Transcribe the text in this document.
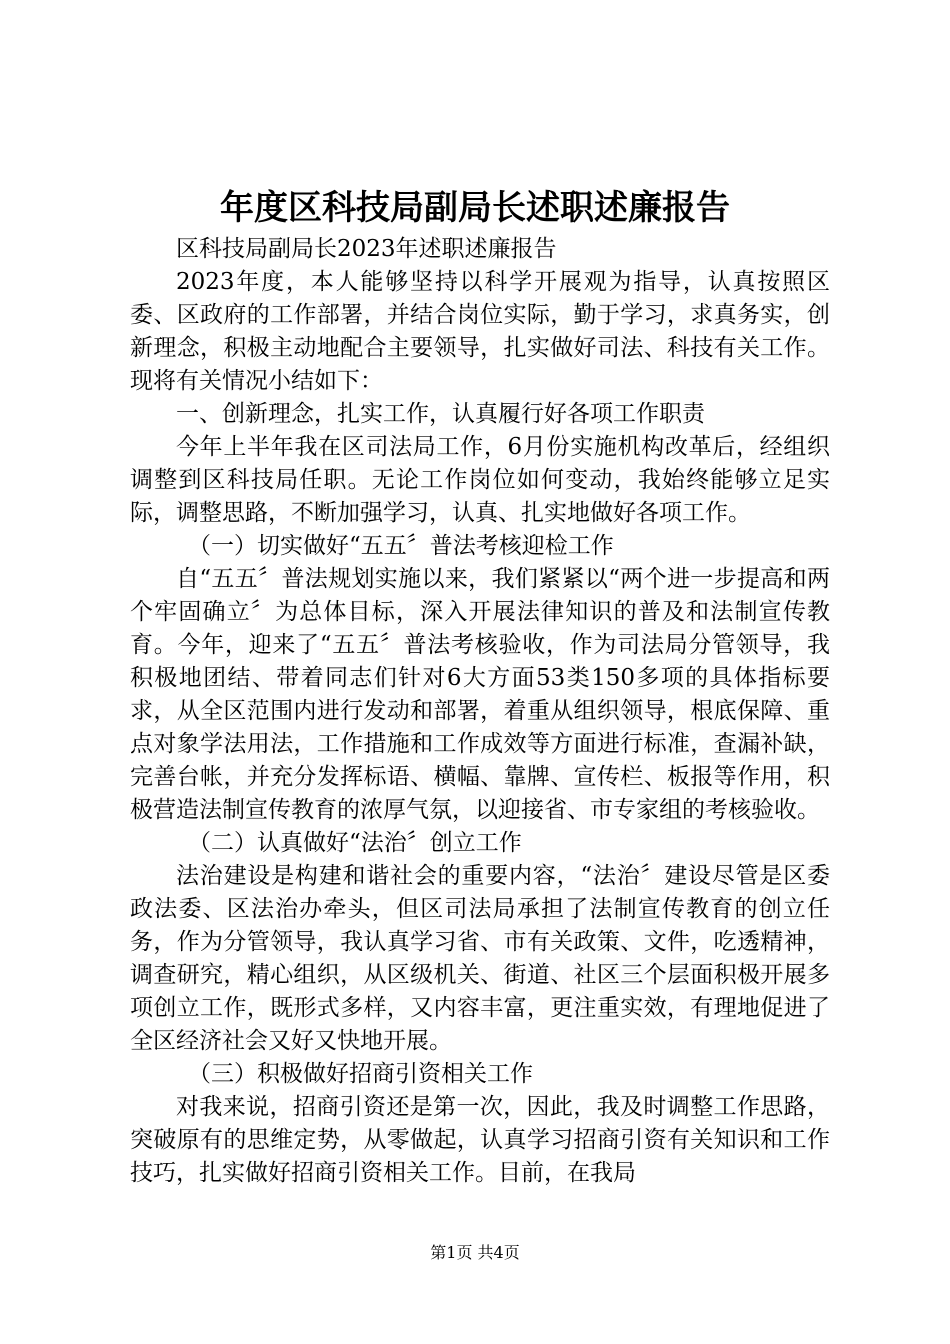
年度区科技局副局长述职述廉报告

区科技局副局长2023年述职述廉报告

2023年度，本人能够坚持以科学开展观为指导，认真按照区委、区政府的工作部署，并结合岗位实际，勤于学习，求真务实，创新理念，积极主动地配合主要领导，扎实做好司法、科技有关工作。现将有关情况小结如下：

一、创新理念，扎实工作，认真履行好各项工作职责

今年上半年我在区司法局工作，6月份实施机构改革后，经组织调整到区科技局任职。无论工作岗位如何变动，我始终能够立足实际，调整思路，不断加强学习，认真、扎实地做好各项工作。

（一）切实做好“五五〞普法考核迎检工作

自“五五〞普法规划实施以来，我们紧紧以“两个进一步提高和两个牢固确立〞为总体目标，深入开展法律知识的普及和法制宣传教育。今年，迎来了“五五〞普法考核验收，作为司法局分管领导，我积极地团结、带着同志们针对6大方面53类150多项的具体指标要求，从全区范围内进行发动和部署，着重从组织领导，根底保障、重点对象学法用法，工作措施和工作成效等方面进行标准，查漏补缺，完善台帐，并充分发挥标语、横幅、靠牌、宣传栏、板报等作用，积极营造法制宣传教育的浓厚气氛，以迎接省、市专家组的考核验收。

（二）认真做好“法治〞创立工作

法治建设是构建和谐社会的重要内容，“法治〞建设尽管是区委政法委、区法治办牵头，但区司法局承担了法制宣传教育的创立任务，作为分管领导，我认真学习省、市有关政策、文件，吃透精神，调查研究，精心组织，从区级机关、街道、社区三个层面积极开展多项创立工作，既形式多样，又内容丰富，更注重实效，有理地促进了全区经济社会又好又快地开展。

（三）积极做好招商引资相关工作

对我来说，招商引资还是第一次，因此，我及时调整工作思路，突破原有的思维定势，从零做起，认真学习招商引资有关知识和工作技巧，扎实做好招商引资相关工作。目前，在我局

第1页 共4页
